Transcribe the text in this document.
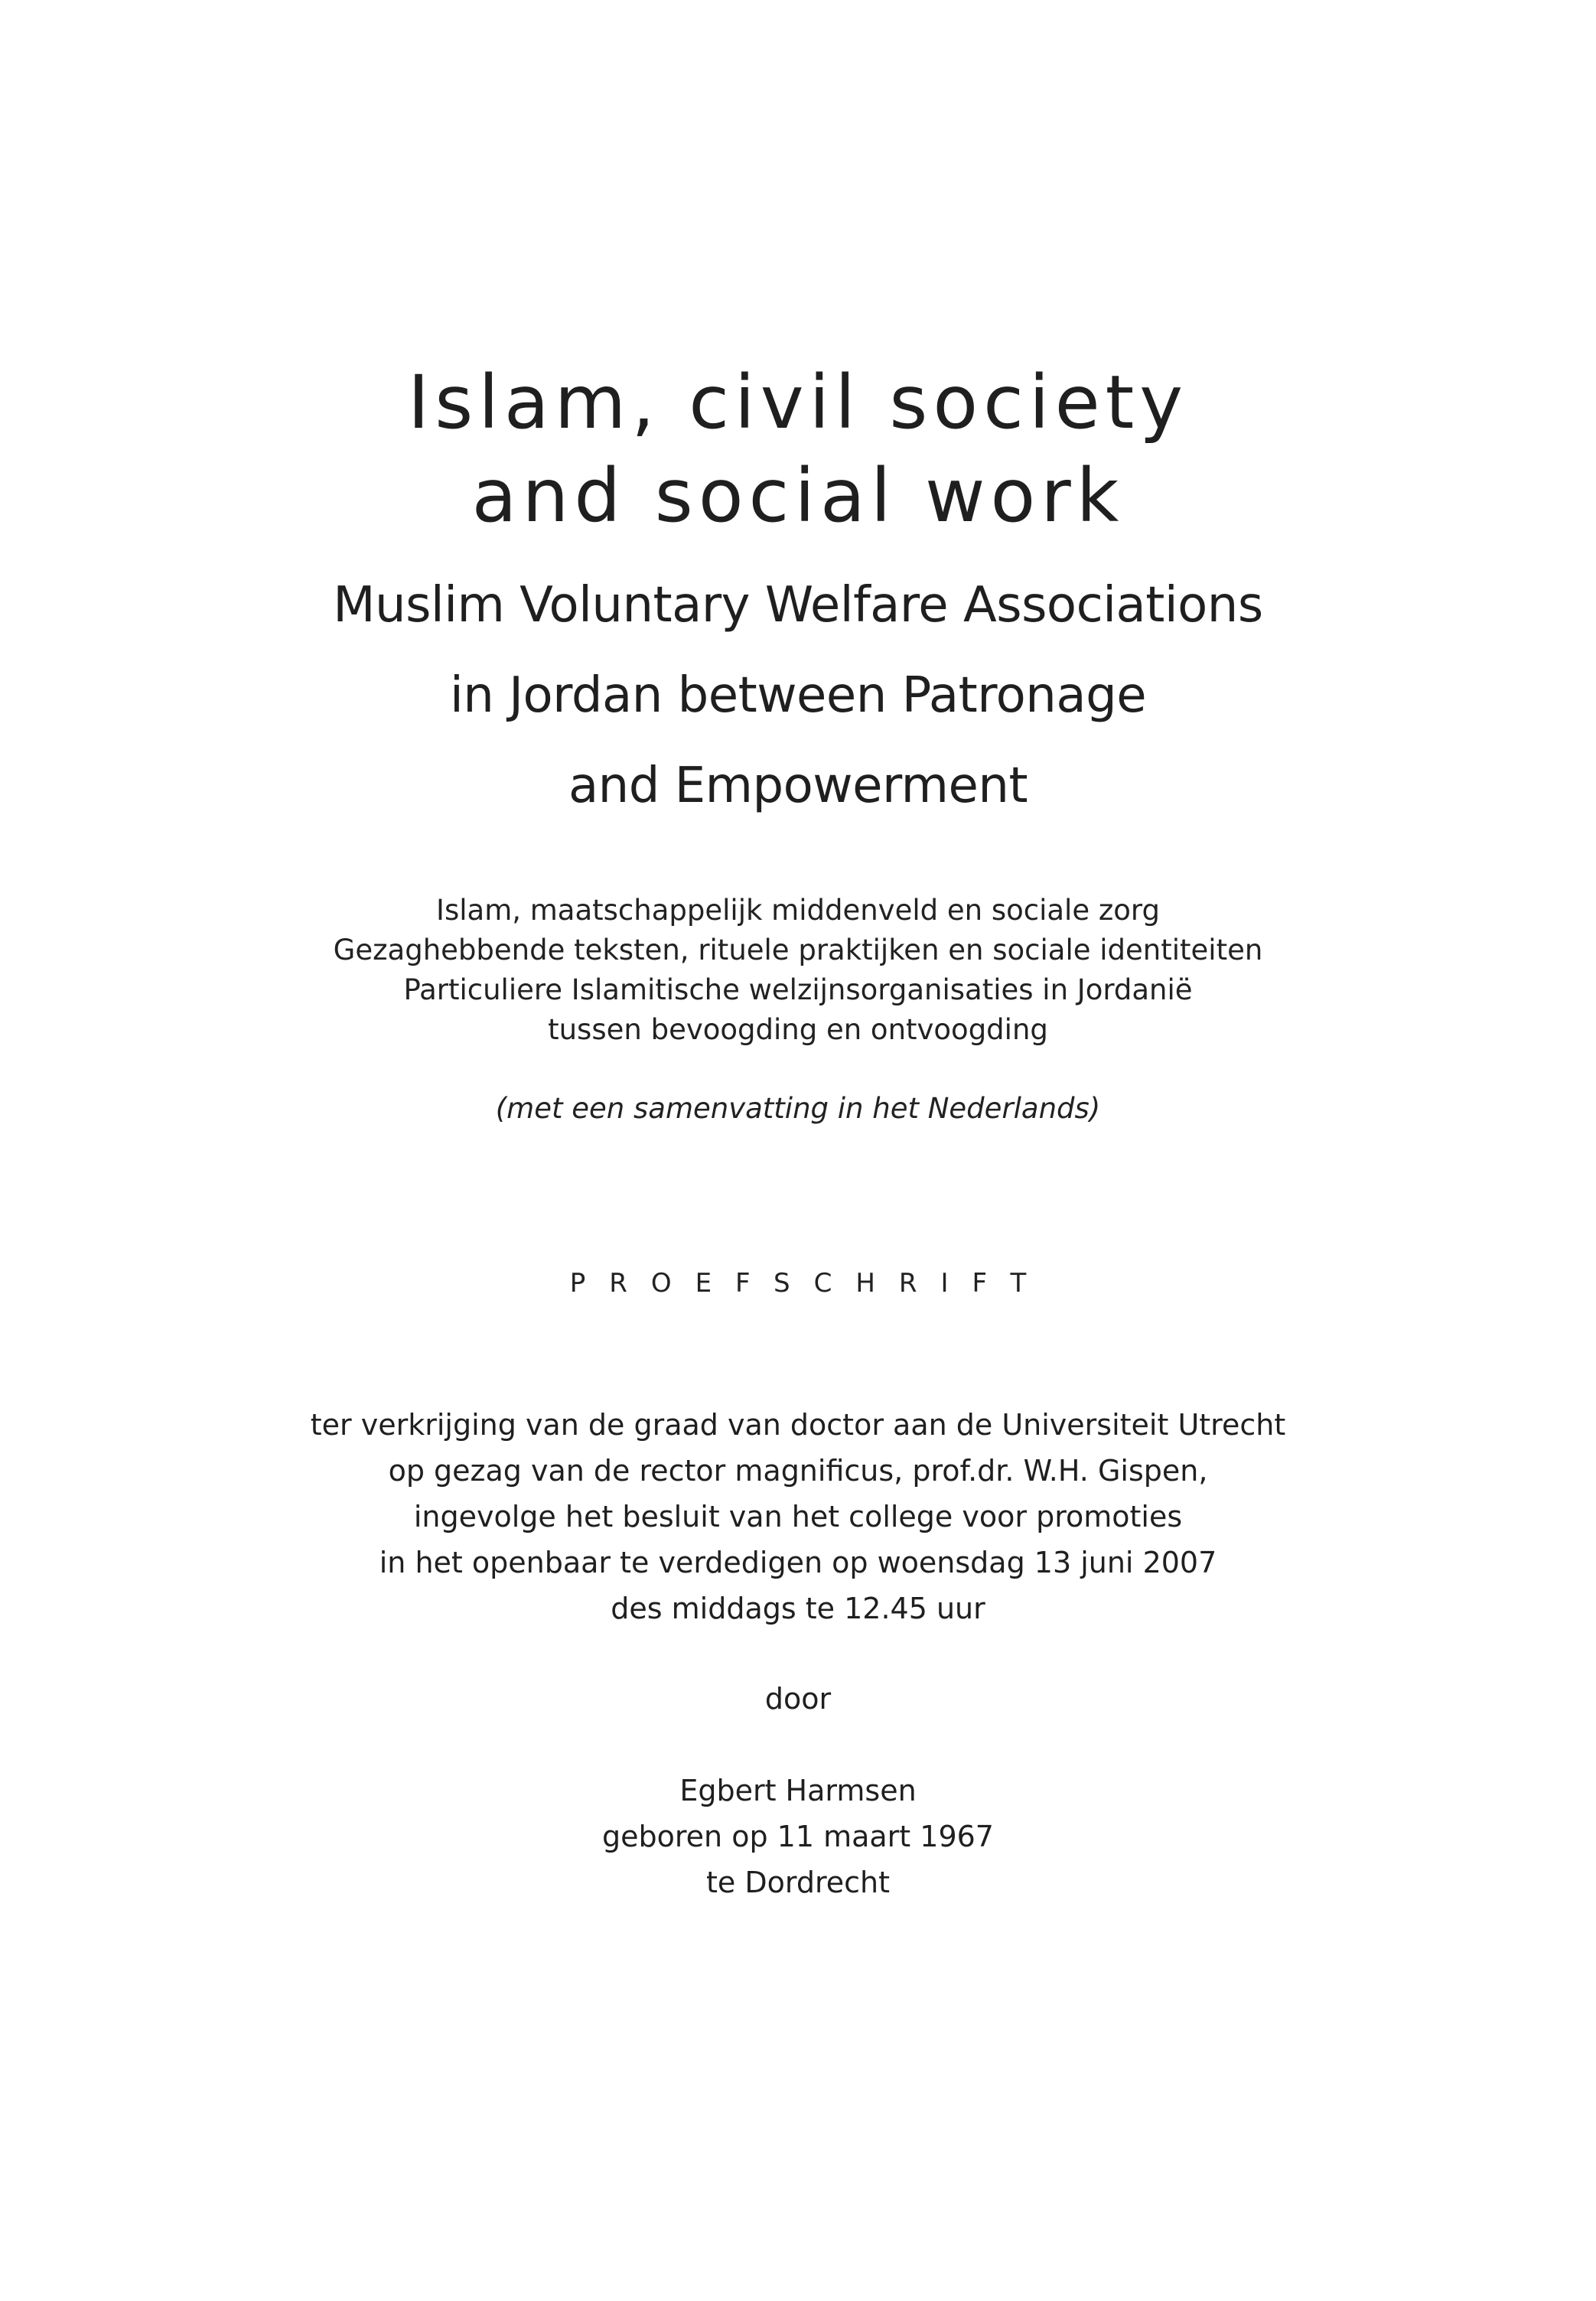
Islam, civil society
and social work
Muslim Voluntary Welfare Associations
in Jordan between Patronage
and Empowerment
Islam, maatschappelijk middenveld en sociale zorg
Gezaghebbende teksten, rituele praktijken en sociale identiteiten
Particuliere Islamitische welzijnsorganisaties in Jordanië
tussen bevoogding en ontvoogding
(met een samenvatting in het Nederlands)
PROEFSCHRIFT
ter verkrijging van de graad van doctor aan de Universiteit Utrecht
op gezag van de rector magnificus, prof.dr. W.H. Gispen,
ingevolge het besluit van het college voor promoties
in het openbaar te verdedigen op woensdag 13 juni 2007
des middags te 12.45 uur
door
Egbert Harmsen
geboren op 11 maart 1967
te Dordrecht
